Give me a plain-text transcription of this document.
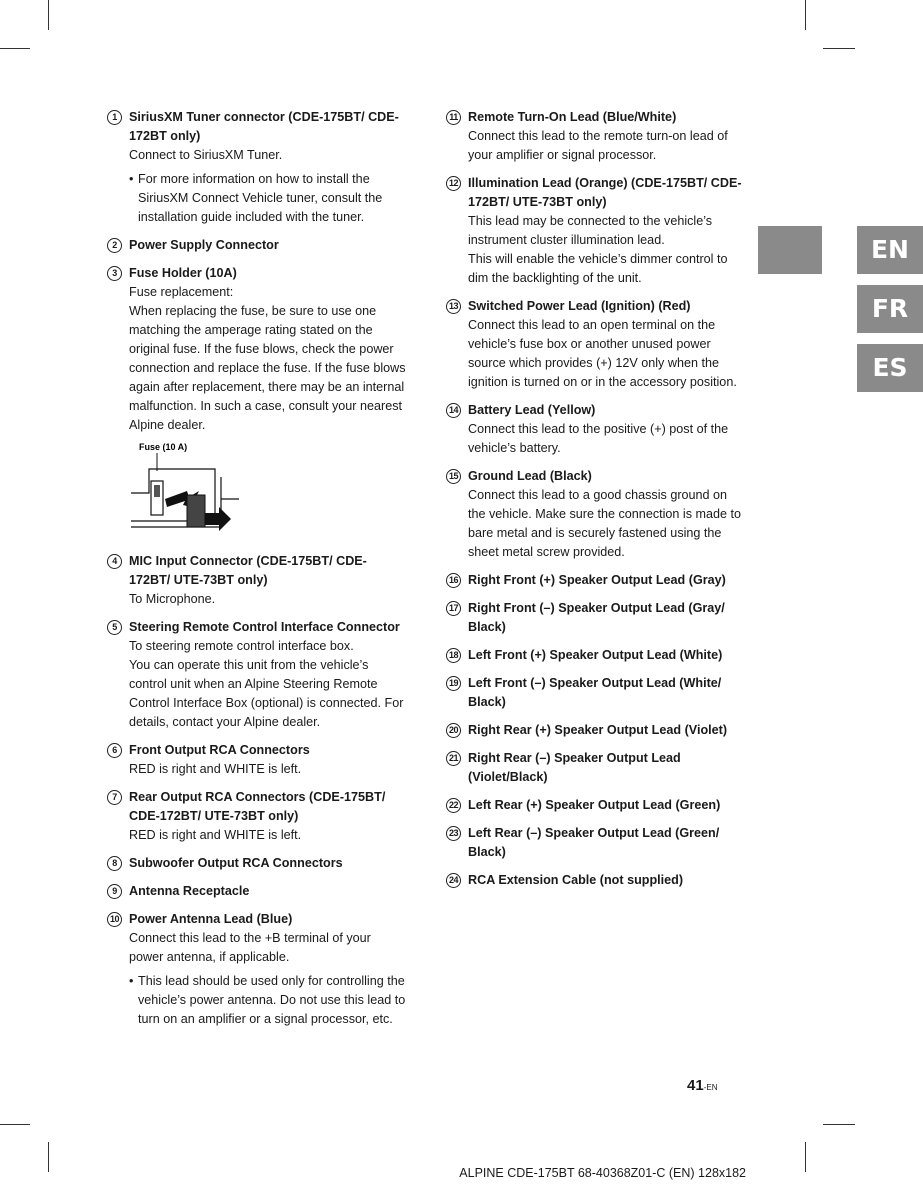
EN
FR
ES
1 SiriusXM Tuner connector (CDE-175BT/ CDE-172BT only)
Connect to SiriusXM Tuner.
• For more information on how to install the SiriusXM Connect Vehicle tuner, consult the installation guide included with the tuner.
2 Power Supply Connector
3 Fuse Holder (10A)
Fuse replacement:
When replacing the fuse, be sure to use one matching the amperage rating stated on the original fuse. If the fuse blows, check the power connection and replace the fuse. If the fuse blows again after replacement, there may be an internal malfunction. In such a case, consult your nearest Alpine dealer.
Fuse (10 A)
4 MIC Input Connector (CDE-175BT/ CDE-172BT/ UTE-73BT only)
To Microphone.
5 Steering Remote Control Interface Connector
To steering remote control interface box.
You can operate this unit from the vehicle’s control unit when an Alpine Steering Remote Control Interface Box (optional) is connected. For details, contact your Alpine dealer.
6 Front Output RCA Connectors
RED is right and WHITE is left.
7 Rear Output RCA Connectors (CDE-175BT/ CDE-172BT/ UTE-73BT only)
RED is right and WHITE is left.
8 Subwoofer Output RCA Connectors
9 Antenna Receptacle
10 Power Antenna Lead (Blue)
Connect this lead to the +B terminal of your power antenna, if applicable.
• This lead should be used only for controlling the vehicle’s power antenna. Do not use this lead to turn on an amplifier or a signal processor, etc.
11 Remote Turn-On Lead (Blue/White)
Connect this lead to the remote turn-on lead of your amplifier or signal processor.
12 Illumination Lead (Orange) (CDE-175BT/ CDE-172BT/ UTE-73BT only)
This lead may be connected to the vehicle’s instrument cluster illumination lead.
This will enable the vehicle’s dimmer control to dim the backlighting of the unit.
13 Switched Power Lead (Ignition) (Red)
Connect this lead to an open terminal on the vehicle’s fuse box or another unused power source which provides (+) 12V only when the ignition is turned on or in the accessory position.
14 Battery Lead (Yellow)
Connect this lead to the positive (+) post of the vehicle’s battery.
15 Ground Lead (Black)
Connect this lead to a good chassis ground on the vehicle. Make sure the connection is made to bare metal and is securely fastened using the sheet metal screw provided.
16 Right Front (+) Speaker Output Lead (Gray)
17 Right Front (–) Speaker Output Lead (Gray/ Black)
18 Left Front (+) Speaker Output Lead (White)
19 Left Front (–) Speaker Output Lead (White/ Black)
20 Right Rear (+) Speaker Output Lead (Violet)
21 Right Rear (–) Speaker Output Lead (Violet/Black)
22 Left Rear (+) Speaker Output Lead (Green)
23 Left Rear (–) Speaker Output Lead (Green/ Black)
24 RCA Extension Cable (not supplied)
41-EN
ALPINE CDE-175BT 68-40368Z01-C (EN) 128x182
